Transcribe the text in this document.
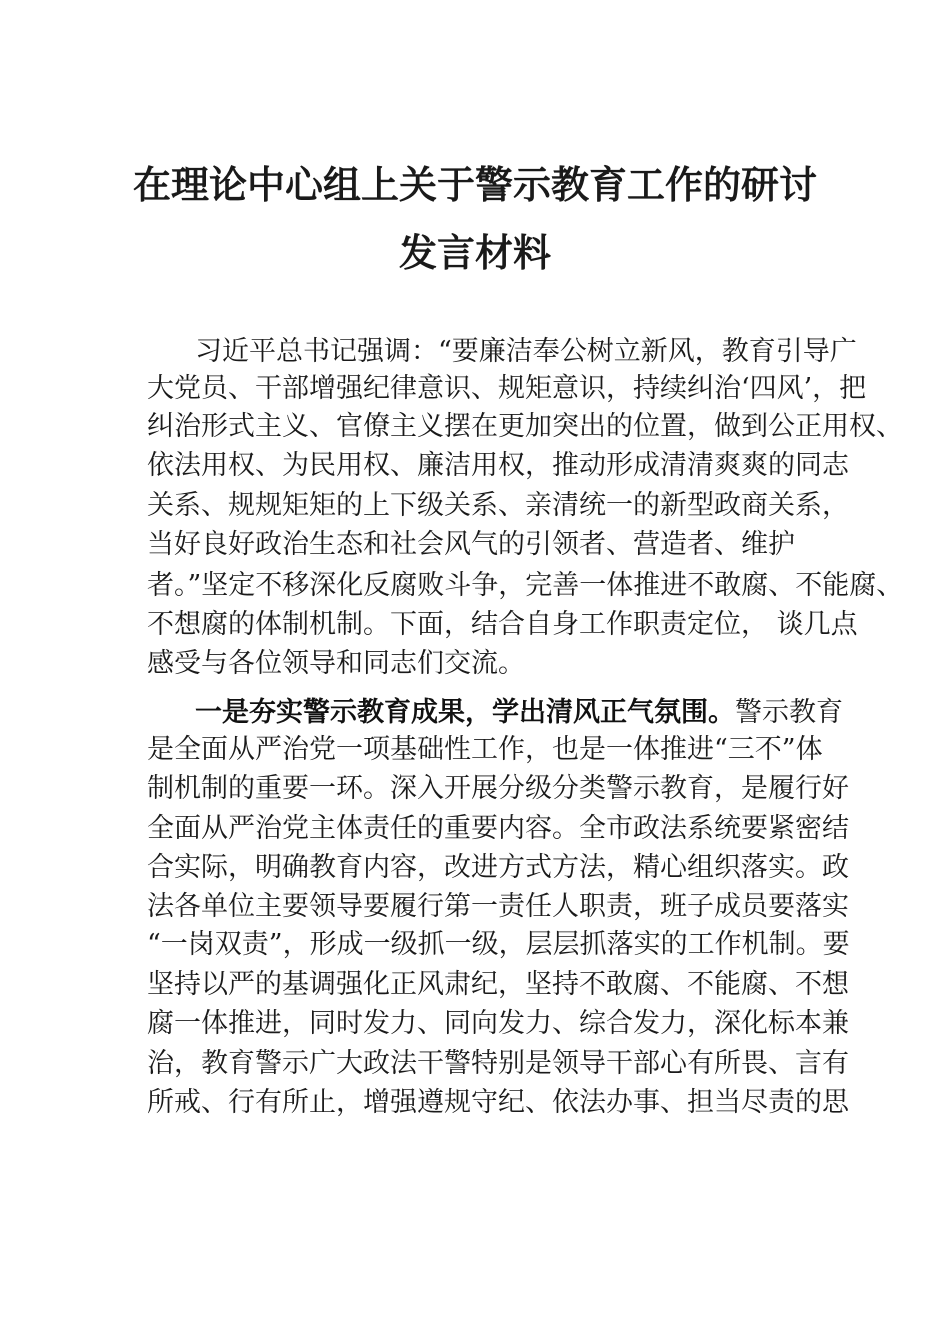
在理论中心组上关于警示教育工作的研讨
发言材料
习近平总书记强调：“要廉洁奉公树立新风，教育引导广
大党员、干部增强纪律意识、规矩意识，持续纠治‘四风’，把
纠治形式主义、官僚主义摆在更加突出的位置，做到公正用权、
依法用权、为民用权、廉洁用权，推动形成清清爽爽的同志
关系、规规矩矩的上下级关系、亲清统一的新型政商关系，
当好良好政治生态和社会风气的引领者、营造者、维护
者。”坚定不移深化反腐败斗争，完善一体推进不敢腐、不能腐、
不想腐的体制机制。下面，结合自身工作职责定位， 谈几点
感受与各位领导和同志们交流。
一是夯实警示教育成果，学出清风正气氛围。警示教育
是全面从严治党一项基础性工作，也是一体推进“三不”体
制机制的重要一环。深入开展分级分类警示教育，是履行好
全面从严治党主体责任的重要内容。全市政法系统要紧密结
合实际，明确教育内容，改进方式方法，精心组织落实。政
法各单位主要领导要履行第一责任人职责，班子成员要落实
“一岗双责”，形成一级抓一级，层层抓落实的工作机制。要
坚持以严的基调强化正风肃纪，坚持不敢腐、不能腐、不想
腐一体推进，同时发力、同向发力、综合发力，深化标本兼
治，教育警示广大政法干警特别是领导干部心有所畏、言有
所戒、行有所止，增强遵规守纪、依法办事、担当尽责的思
